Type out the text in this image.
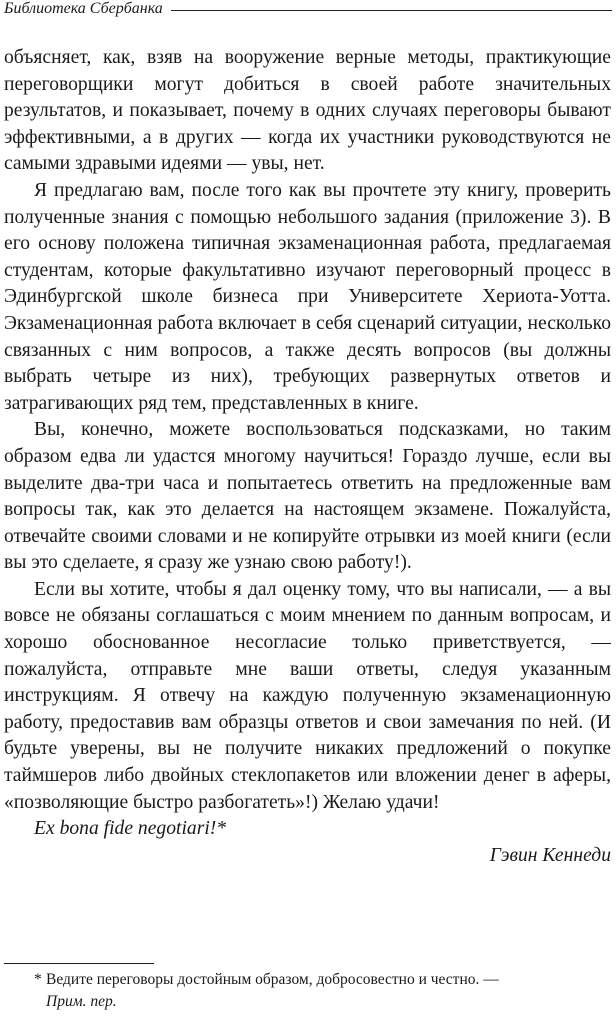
Библиотека Сбербанка

объясняет, как, взяв на вооружение верные методы, практикующие переговорщики могут добиться в своей работе значительных результатов, и показывает, почему в одних случаях переговоры бывают эффективными, а в других — когда их участники руководствуются не самыми здравыми идеями — увы, нет.

Я предлагаю вам, после того как вы прочтете эту книгу, проверить полученные знания с помощью небольшого задания (приложение 3). В его основу положена типичная экзаменационная работа, предлагаемая студентам, которые факультативно изучают переговорный процесс в Эдинбургской школе бизнеса при Университете Хериота-Уотта. Экзаменационная работа включает в себя сценарий ситуации, несколько связанных с ним вопросов, а также десять вопросов (вы должны выбрать четыре из них), требующих развернутых ответов и затрагивающих ряд тем, представленных в книге.

Вы, конечно, можете воспользоваться подсказками, но таким образом едва ли удастся многому научиться! Гораздо лучше, если вы выделите два-три часа и попытаетесь ответить на предложенные вам вопросы так, как это делается на настоящем экзамене. Пожалуйста, отвечайте своими словами и не копируйте отрывки из моей книги (если вы это сделаете, я сразу же узнаю свою работу!).

Если вы хотите, чтобы я дал оценку тому, что вы написали, — а вы вовсе не обязаны соглашаться с моим мнением по данным вопросам, и хорошо обоснованное несогласие только приветствуется, — пожалуйста, отправьте мне ваши ответы, следуя указанным инструкциям. Я отвечу на каждую полученную экзаменационную работу, предоставив вам образцы ответов и свои замечания по ней. (И будьте уверены, вы не получите никаких предложений о покупке таймшеров либо двойных стеклопакетов или вложении денег в аферы, «позволяющие быстро разбогатеть»!) Желаю удачи!

Ex bona fide negotiari!*

Гэвин Кеннеди

* Ведите переговоры достойным образом, добросовестно и честно. —
Прим. пер.
